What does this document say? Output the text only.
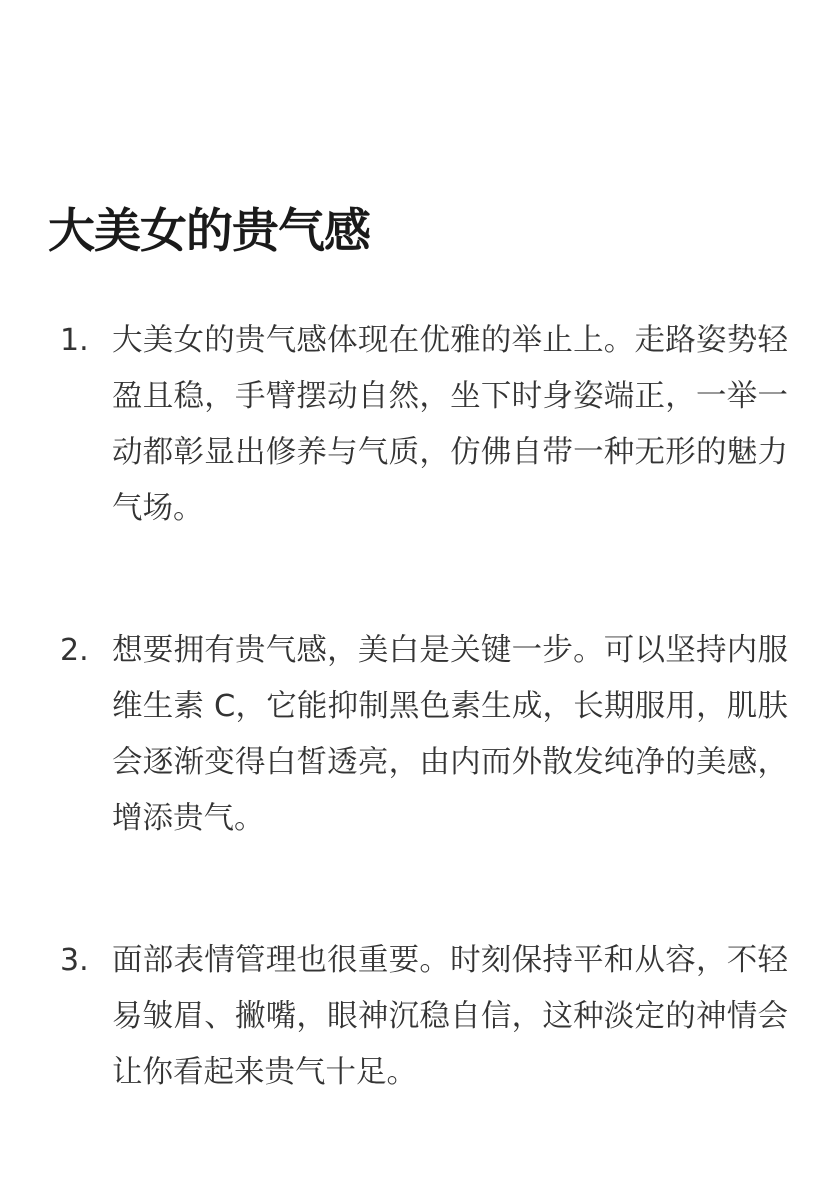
大美女的贵气感
1. 大美女的贵气感体现在优雅的举止上。走路姿势轻盈且稳，手臂摆动自然，坐下时身姿端正，一举一动都彰显出修养与气质，仿佛自带一种无形的魅力气场。
2. 想要拥有贵气感，美白是关键一步。可以坚持内服维生素 C，它能抑制黑色素生成，长期服用，肌肤会逐渐变得白皙透亮，由内而外散发纯净的美感，增添贵气。
3. 面部表情管理也很重要。时刻保持平和从容，不轻易皱眉、撇嘴，眼神沉稳自信，这种淡定的神情会让你看起来贵气十足。
